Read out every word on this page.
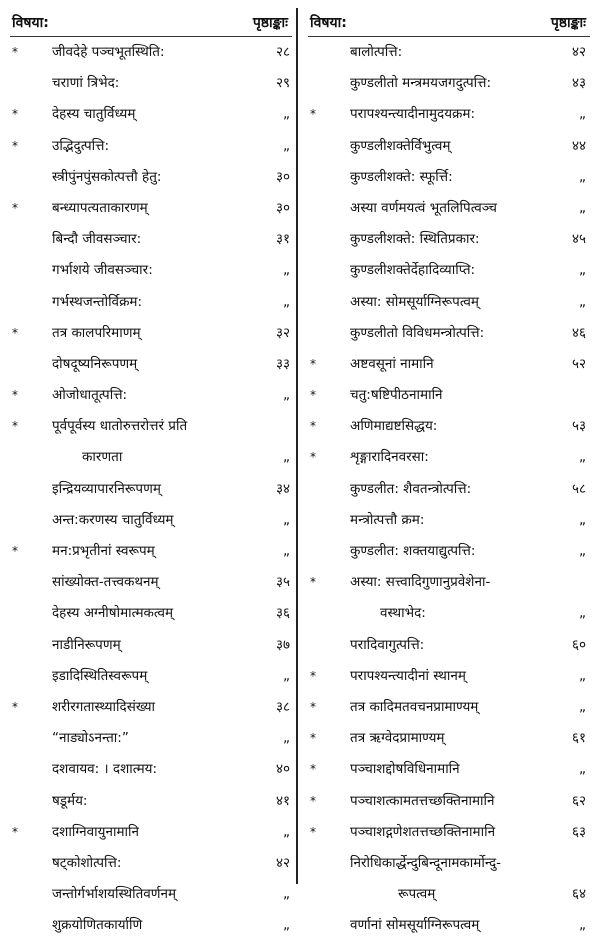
विषया:	पृष्ठाङ्काः
*	जीवदेहे पञ्चभूतस्थिति:	२८
चराणां त्रिभेद:	२९
*	देहस्य चातुर्विध्यम्	„
*	उद्भिदुत्पत्ति:	„
स्त्रीपुंनपुंसकोत्पत्तौ हेतु:	३०
*	बन्ध्यापत्यताकारणम्	३०
बिन्दौ जीवसञ्चार:	३१
गर्भाशये जीवसञ्चार:	„
गर्भस्थजन्तोर्विक्रम:	„
*	तत्र कालपरिमाणम्	३२
दोषदूष्यनिरूपणम्	३३
*	ओजोधातूत्पत्ति:	„
*	पूर्वपूर्वस्य धातोरुत्तरोत्तरं प्रति
कारणता	„
इन्द्रियव्यापारनिरूपणम्	३४
अन्त:करणस्य चातुर्विध्यम्	„
*	मन:प्रभृतीनां स्वरूपम्	„
सांख्योक्त-तत्त्वकथनम्	३५
देहस्य अग्नीषोमात्मकत्वम्	३६
नाडीनिरूपणम्	३७
इडादिस्थितिस्वरूपम्	„
*	शरीरगतास्थ्यादिसंख्या	३८
“नाड्योऽनन्ता:”	„
दशवायव: । दशात्मय:	४०
षडूर्मय:	४१
*	दशाग्निवायुनामानि	„
षट्कोशोत्पत्ति:	४२
जन्तोर्गर्भाशयस्थितिवर्णनम्	„
शुक्रयोणितकार्याणि	„
विषया:	पृष्ठाङ्काः
बालोत्पत्ति:	४२
कुण्डलीतो मन्त्रमयजगदुत्पत्ति:	४३
*	परापश्यन्त्यादीनामुदयक्रम:	„
कुण्डलीशक्तेर्विभुत्वम्	४४
कुण्डलीशक्ते: स्फूर्त्ति:	„
अस्या वर्णमयत्वं भूतलिपित्वञ्च	„
कुण्डलीशक्ते: स्थितिप्रकार:	४५
कुण्डलीशक्तेर्देहादिव्याप्ति:	„
अस्या: सोमसूर्याग्निरूपत्वम्	„
कुण्डलीतो विविधमन्त्रोत्पत्ति:	४६
*	अष्टवसूनां नामानि	५२
*	चतु:षष्टिपीठनामानि
*	अणिमाद्यष्टसिद्धय:	५३
*	शृङ्गारादिनवरसा:	„
कुण्डलीत: शैवतन्त्रोत्पत्ति:	५८
मन्त्रोत्पत्तौ क्रम:	„
कुण्डलीत: शक्तयाद्युत्पत्ति:	„
*	अस्या: सत्त्वादिगुणानुप्रवेशेना-
वस्थाभेद:	„
परादिवागुत्पत्ति:	६०
*	परापश्यन्त्यादीनां स्थानम्	„
*	तत्र कादिमतवचनप्रामाण्यम्	„
*	तत्र ऋग्वेदप्रामाण्यम्	६१
*	पञ्चाशद्दोषविधिनामानि	„
*	पञ्चाशत्कामतत्तच्छक्तिनामानि	६२
*	पञ्चाशद्गणेशतत्तच्छक्तिनामानि	६३
निरोधिकार्द्धेन्दुबिन्दूनामकार्मोन्दु-
रूपत्वम्	६४
वर्णानां सोमसूर्याग्निरूपत्वम्	„
